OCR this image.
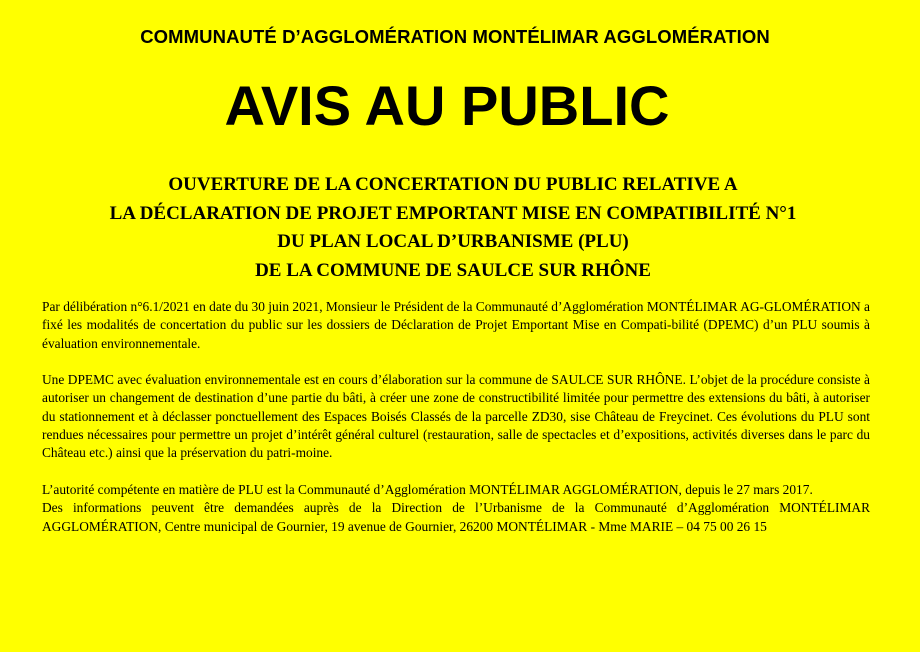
COMMUNAUTÉ D’AGGLOMÉRATION MONTÉLIMAR AGGLOMÉRATION
AVIS AU PUBLIC
OUVERTURE DE LA CONCERTATION DU PUBLIC RELATIVE A
LA DÉCLARATION DE PROJET EMPORTANT MISE EN COMPATIBILITÉ N°1
DU PLAN LOCAL D’URBANISME (PLU)
DE LA COMMUNE DE SAULCE SUR RHÔNE

Par délibération n°6.1/2021 en date du 30 juin 2021, Monsieur le Président de la Communauté d’Agglomération MONTÉLIMAR AG-GLOMÉRATION a fixé les modalités de concertation du public sur les dossiers de Déclaration de Projet Emportant Mise en Compati-bilité (DPEMC) d’un PLU soumis à évaluation environnementale.

Une DPEMC avec évaluation environnementale est en cours d’élaboration sur la commune de SAULCE SUR RHÔNE. L’objet de la procédure consiste à autoriser un changement de destination d’une partie du bâti, à créer une zone de constructibilité limitée pour permettre des extensions du bâti, à autoriser du stationnement et à déclasser ponctuellement des Espaces Boisés Classés de la parcelle ZD30, sise Château de Freycinet. Ces évolutions du PLU sont rendues nécessaires pour permettre un projet d’intérêt général culturel (restauration, salle de spectacles et d’expositions, activités diverses dans le parc du Château etc.) ainsi que la préservation du patri-moine.

L’autorité compétente en matière de PLU est la Communauté d’Agglomération MONTÉLIMAR AGGLOMÉRATION, depuis le 27 mars 2017.

Des informations peuvent être demandées auprès de la Direction de l’Urbanisme de la Communauté d’Agglomération MONTÉLIMAR AGGLOMÉRATION, Centre municipal de Gournier, 19 avenue de Gournier, 26200 MONTÉLIMAR - Mme MARIE – 04 75 00 26 15
